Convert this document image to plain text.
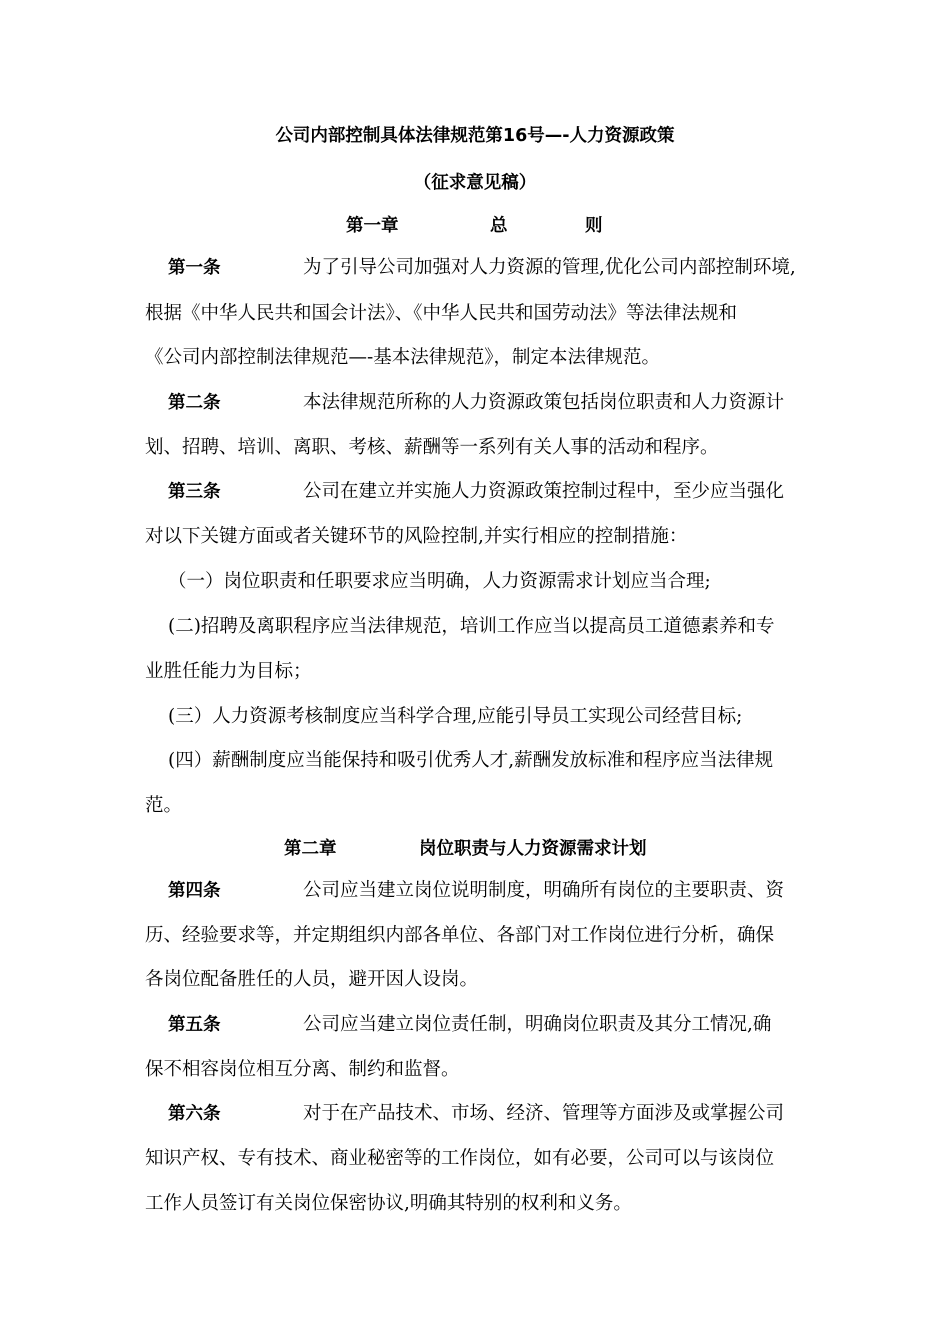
公司内部控制具体法律规范第16号—-人力资源政策
（征求意见稿）
第一章	总	则
第一条	为了引导公司加强对人力资源的管理,优化公司内部控制环境,
根据《中华人民共和国会计法》、《中华人民共和国劳动法》等法律法规和
《公司内部控制法律规范—-基本法律规范》，制定本法律规范。
第二条	本法律规范所称的人力资源政策包括岗位职责和人力资源计
划、招聘、培训、离职、考核、薪酬等一系列有关人事的活动和程序。
第三条	公司在建立并实施人力资源政策控制过程中，至少应当强化
对以下关键方面或者关键环节的风险控制,并实行相应的控制措施：
（一）岗位职责和任职要求应当明确，人力资源需求计划应当合理;
(二)招聘及离职程序应当法律规范，培训工作应当以提高员工道德素养和专
业胜任能力为目标；
(三）人力资源考核制度应当科学合理,应能引导员工实现公司经营目标;
(四）薪酬制度应当能保持和吸引优秀人才,薪酬发放标准和程序应当法律规
范。
第二章	岗位职责与人力资源需求计划
第四条	公司应当建立岗位说明制度，明确所有岗位的主要职责、资
历、经验要求等，并定期组织内部各单位、各部门对工作岗位进行分析，确保
各岗位配备胜任的人员，避开因人设岗。
第五条	公司应当建立岗位责任制，明确岗位职责及其分工情况,确
保不相容岗位相互分离、制约和监督。
第六条	对于在产品技术、市场、经济、管理等方面涉及或掌握公司
知识产权、专有技术、商业秘密等的工作岗位，如有必要，公司可以与该岗位
工作人员签订有关岗位保密协议,明确其特别的权利和义务。
